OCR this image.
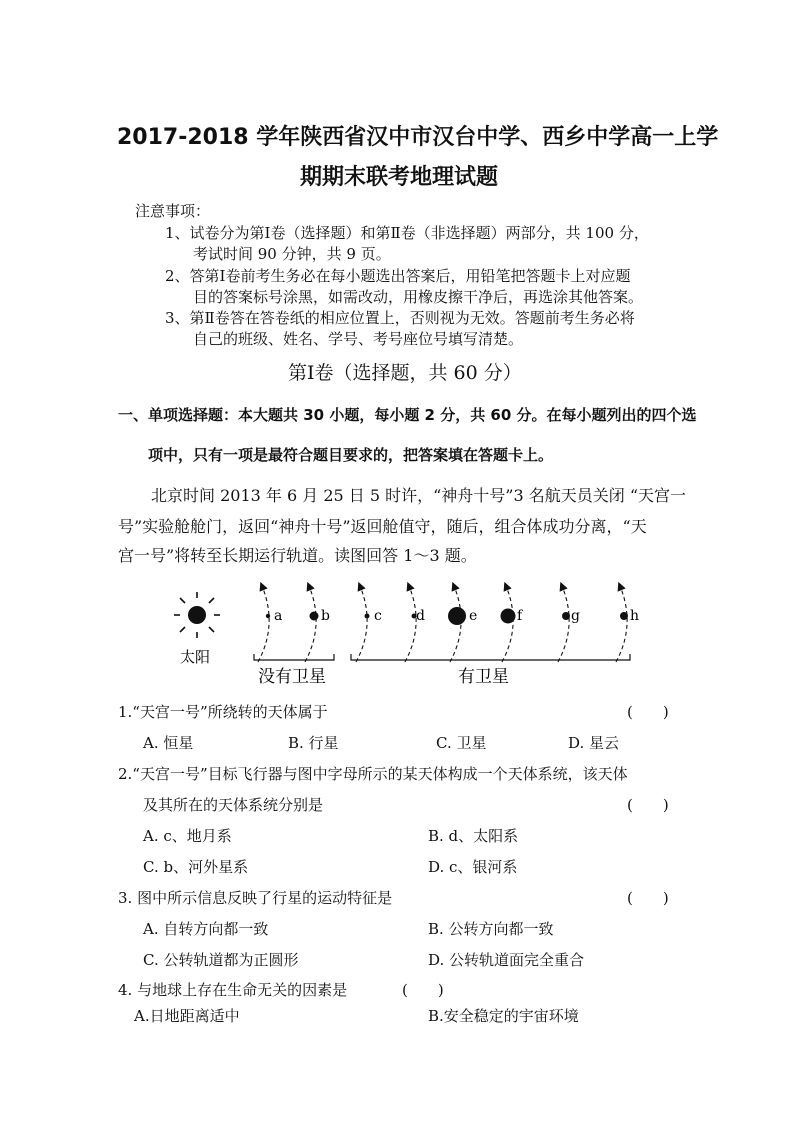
2017-2018 学年陕西省汉中市汉台中学、西乡中学高一上学
期期末联考地理试题
注意事项：
1、试卷分为第Ⅰ卷（选择题）和第Ⅱ卷（非选择题）两部分，共 100 分，
考试时间 90 分钟，共 9 页。
2、答第Ⅰ卷前考生务必在每小题选出答案后，用铅笔把答题卡上对应题
目的答案标号涂黑，如需改动，用橡皮擦干净后，再选涂其他答案。
3、第Ⅱ卷答在答卷纸的相应位置上，否则视为无效。答题前考生务必将
自己的班级、姓名、学号、考号座位号填写清楚。
第Ⅰ卷（选择题，共 60 分）
一、单项选择题：本大题共 30 小题，每小题 2 分，共 60 分。在每小题列出的四个选
项中，只有一项是最符合题目要求的，把答案填在答题卡上。
北京时间 2013 年 6 月 25 日 5 时许，“神舟十号”3 名航天员关闭 “天宫一
号”实验舱舱门，返回“神舟十号”返回舱值守，随后，组合体成功分离，“天
宫一号”将转至长期运行轨道。读图回答 1～3 题。
太阳
a	b	c d	e	f	g	h
没有卫星	有卫星
1.“天宫一号”所绕转的天体属于	(　　)
A. 恒星	B. 行星	C. 卫星	D. 星云
2.“天宫一号”目标飞行器与图中字母所示的某天体构成一个天体系统，该天体
及其所在的天体系统分别是	(　　)
A. c、地月系	B. d、太阳系
C. b、河外星系	D. c、银河系
3. 图中所示信息反映了行星的运动特征是	(　　)
A. 自转方向都一致	B. 公转方向都一致
C. 公转轨道都为正圆形	D. 公转轨道面完全重合
4. 与地球上存在生命无关的因素是	(　　)
A.日地距离适中	B.安全稳定的宇宙环境
